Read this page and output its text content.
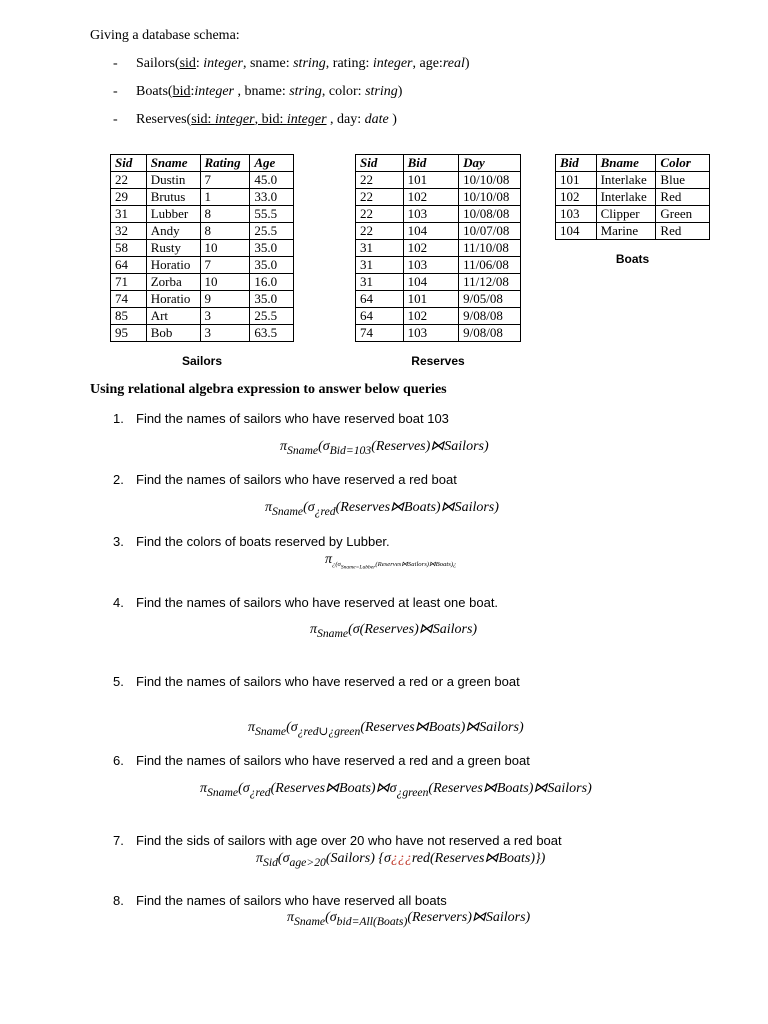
Giving a database schema:
- Sailors(sid: integer, sname: string, rating: integer, age:real)
- Boats(bid:integer , bname: string, color: string)
- Reserves(sid: integer, bid: integer , day: date )
Sid	Sname	Rating	Age
22	Dustin	7	45.0
29	Brutus	1	33.0
31	Lubber	8	55.5
32	Andy	8	25.5
58	Rusty	10	35.0
64	Horatio	7	35.0
71	Zorba	10	16.0
74	Horatio	9	35.0
85	Art	3	25.5
95	Bob	3	63.5
Sailors
Sid	Bid	Day
22	101	10/10/08
22	102	10/10/08
22	103	10/08/08
22	104	10/07/08
31	102	11/10/08
31	103	11/06/08
31	104	11/12/08
64	101	9/05/08
64	102	9/08/08
74	103	9/08/08
Reserves
Bid	Bname	Color
101	Interlake	Blue
102	Interlake	Red
103	Clipper	Green
104	Marine	Red
Boats
Using relational algebra expression to answer below queries
1. Find the names of sailors who have reserved boat 103
$\pi_{Sname}(\sigma_{Bid=103}(Reserves)⋈Sailors)$
2. Find the names of sailors who have reserved a red boat
$\pi_{Sname}(\sigma_{¿red}(Reserves⋈Boats)⋈Sailors)$
3. Find the colors of boats reserved by Lubber.
$\pi_{¿(\sigma_{Sname=Lubber}(Reserves⋈Sailors)⋈Boats)¿}$
4. Find the names of sailors who have reserved at least one boat.
$\pi_{Sname}(\sigma(Reserves)⋈Sailors)$
5. Find the names of sailors who have reserved a red or a green boat
$\pi_{Sname}(\sigma_{¿red\cup¿green}(Reserves⋈Boats)⋈Sailors)$
6. Find the names of sailors who have reserved a red and a green boat
$\pi_{Sname}(\sigma_{¿red}(Reserves⋈Boats)⋈\sigma_{¿green}(Reserves⋈Boats)⋈Sailors)$
7. Find the sids of sailors with age over 20 who have not reserved a red boat
$\pi_{Sid}(\sigma_{age>20}(Sailors)$ {σ¿¿¿red(Reserves⋈Boats)})
8. Find the names of sailors who have reserved all boats
$\pi_{Sname}(\sigma_{bid=All(Boats)}(Reservers)⋈Sailors)$
